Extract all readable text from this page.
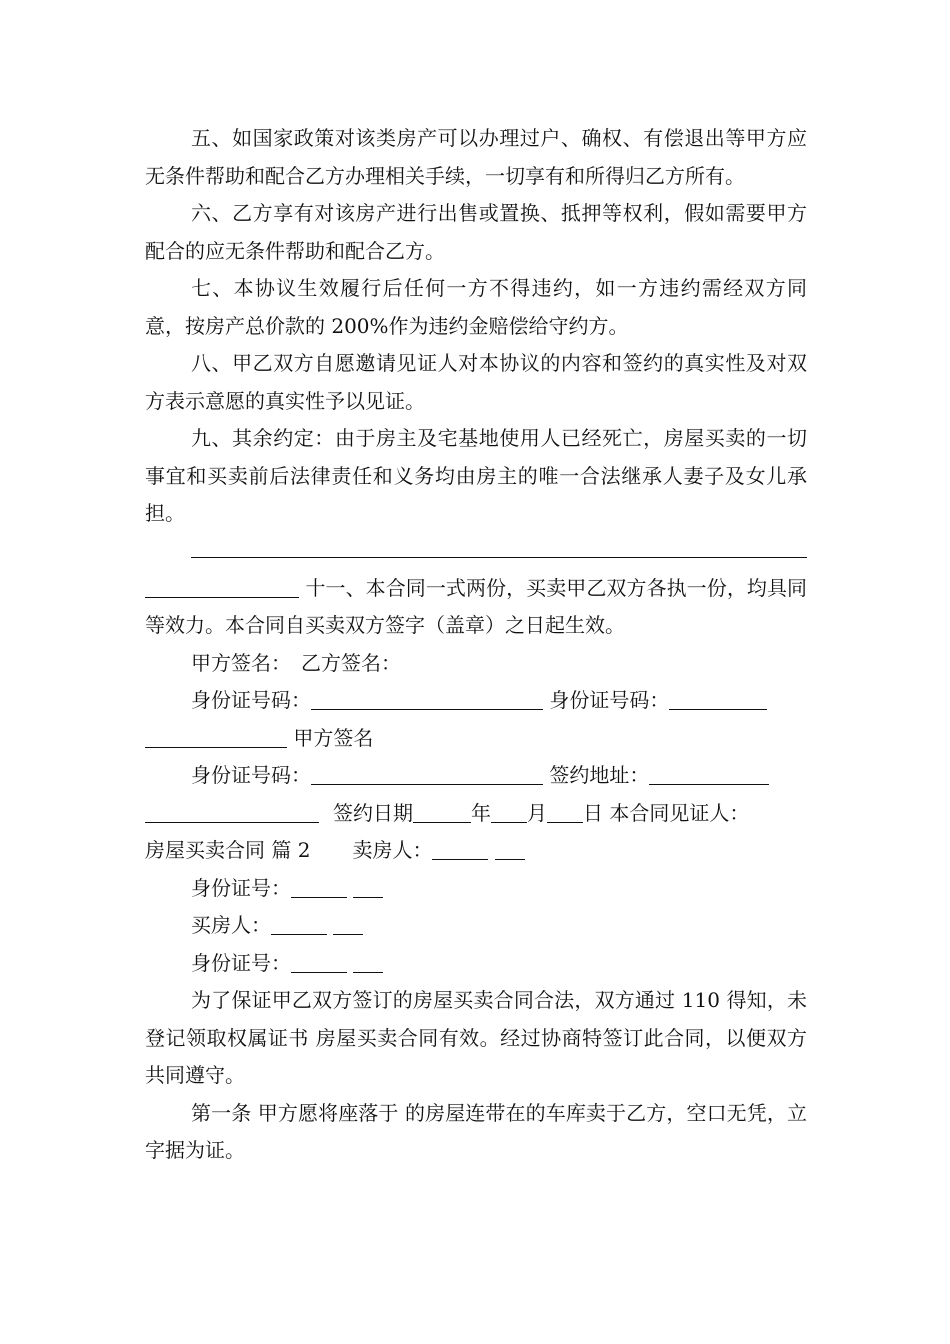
五、如国家政策对该类房产可以办理过户、确权、有偿退出等甲方应无条件帮助和配合乙方办理相关手续，一切享有和所得归乙方所有。

六、乙方享有对该房产进行出售或置换、抵押等权利，假如需要甲方配合的应无条件帮助和配合乙方。

七、本协议生效履行后任何一方不得违约，如一方违约需经双方同意，按房产总价款的 200%作为违约金赔偿给守约方。

八、甲乙双方自愿邀请见证人对本协议的内容和签约的真实性及对双方表示意愿的真实性予以见证。

九、其余约定：由于房主及宅基地使用人已经死亡，房屋买卖的一切事宜和买卖前后法律责任和义务均由房主的唯一合法继承人妻子及女儿承担。

十一、本合同一式两份，买卖甲乙双方各执一份，均具同等效力。本合同自买卖双方签字（盖章）之日起生效。

甲方签名： 乙方签名：

身份证号码：	身份证号码：

甲方签名

身份证号码：	签约地址：

签约日期	年 月 日 本合同见证人：

房屋买卖合同 篇 2 卖房人：

身份证号：

买房人：

身份证号：

为了保证甲乙双方签订的房屋买卖合同合法，双方通过 110 得知，未登记领取权属证书 房屋买卖合同有效。经过协商特签订此合同，以便双方共同遵守。

第一条 甲方愿将座落于 的房屋连带在的车库卖于乙方，空口无凭，立字据为证。
